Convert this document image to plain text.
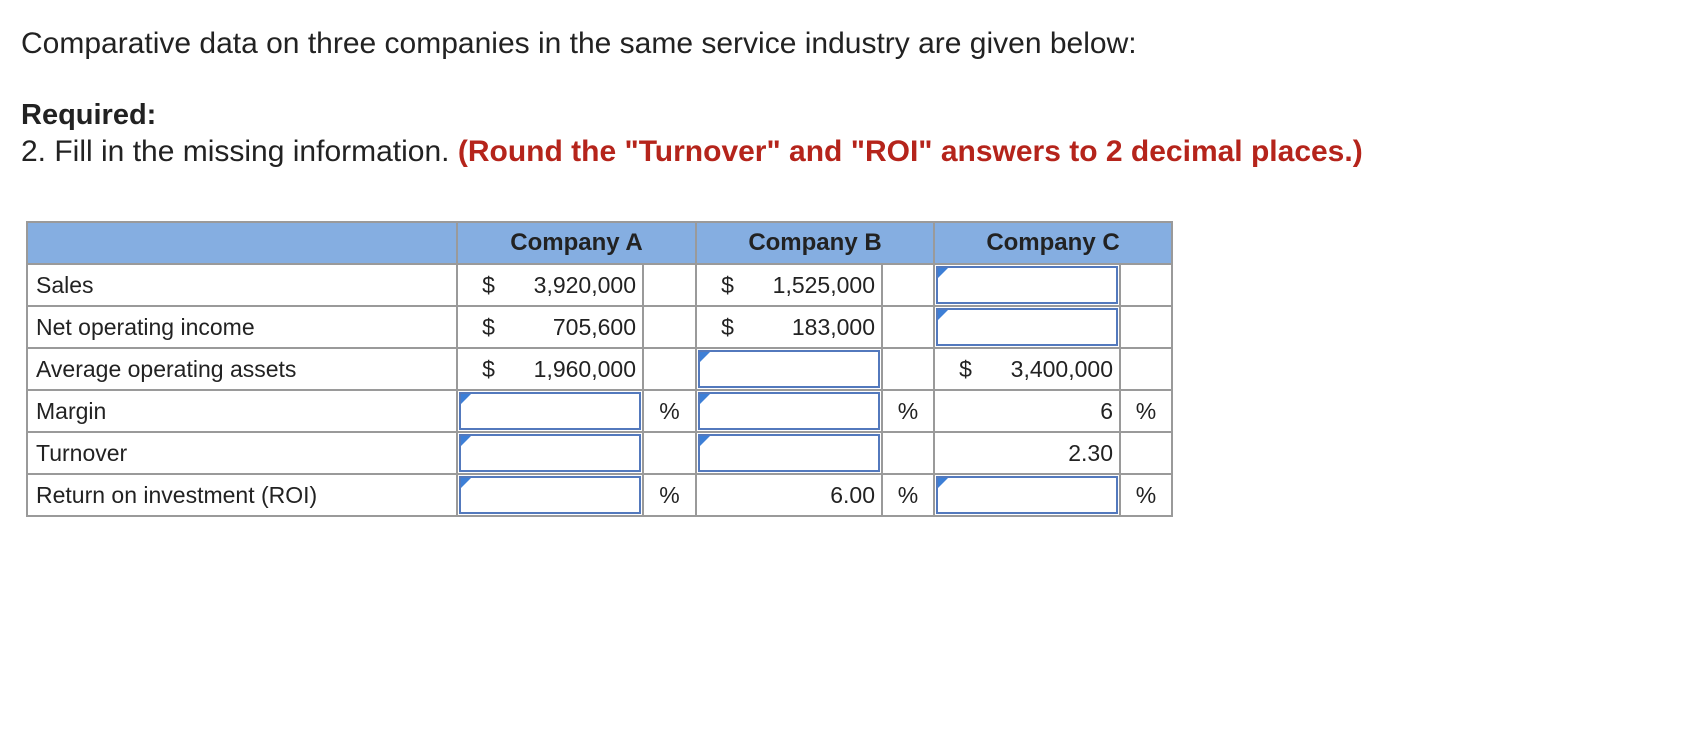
Comparative data on three companies in the same service industry are given below:
Required:
2. Fill in the missing information. (Round the "Turnover" and "ROI" answers to 2 decimal places.)
	Company A			Company B			Company C		
Sales	$	3,920,000		$	1,525,000			

Net operating income	$	705,600		$	183,000			

Average operating assets	$	1,960,000					$	3,400,000	
Margin			%			%	6		%
Turnover							2.30		
Return on investment (ROI)			%	6.00		%			%
